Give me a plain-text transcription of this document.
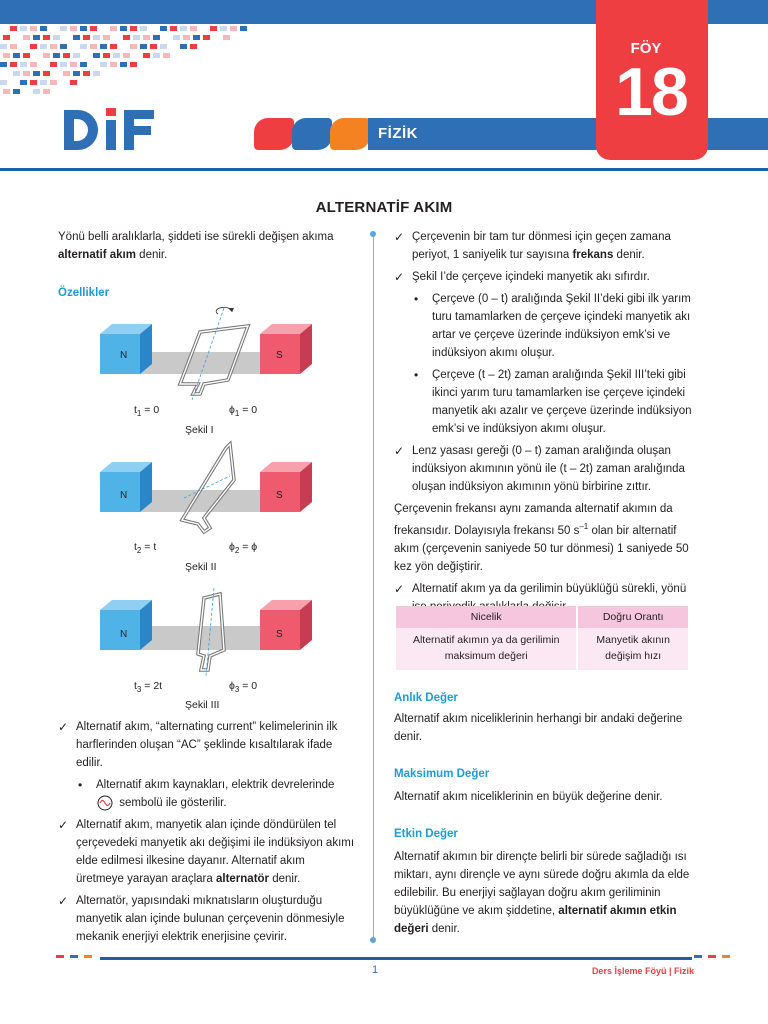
FİZİK
FÖY
18
ALTERNATİF AKIM

Yönü belli aralıklarla, şiddeti ise sürekli değişen akıma
alternatif akım denir.

Özellikler
N	S
$t_1 = 0$	$\phi_1 = 0$
Şekil I
N	S
$t_2 = t$	$\phi_2 = \phi$
Şekil II
N	S
$t_3 = 2t$	$\phi_3 = 0$
Şekil III
✓ Alternatif akım, “alternating current” kelimelerinin ilk harflerinden oluşan “AC” şeklinde kısaltılarak ifade edilir.
• Alternatif akım kaynakları, elektrik devrelerinde
sembolü ile gösterilir.
✓ Alternatif akım, manyetik alan içinde döndürülen tel çerçevedeki manyetik akı değişimi ile indüksiyon akımı elde edilmesi ilkesine dayanır. Alternatif akım üretmeye yarayan araçlara alternatör denir.
✓ Alternatör, yapısındaki mıknatısların oluşturduğu manyetik alan içinde bulunan çerçevenin dönmesiyle mekanik enerjiyi elektrik enerjisine çevirir.
✓ Çerçevenin bir tam tur dönmesi için geçen zamana periyot, 1 saniyelik tur sayısına frekans denir.
✓ Şekil I’de çerçeve içindeki manyetik akı sıfırdır.
• Çerçeve (0 – t) aralığında Şekil II’deki gibi ilk yarım turu tamamlarken de çerçeve içindeki manyetik akı artar ve çerçeve üzerinde indüksiyon emk’si ve indüksiyon akımı oluşur.
• Çerçeve (t – 2t) zaman aralığında Şekil III’teki gibi ikinci yarım turu tamamlarken ise çerçeve içindeki manyetik akı azalır ve çerçeve üzerinde indüksiyon emk’si ve indüksiyon akımı oluşur.
✓ Lenz yasası gereği (0 – t) zaman aralığında oluşan indüksiyon akımının yönü ile (t – 2t) zaman aralığında oluşan indüksiyon akımının yönü birbirine zıttır.

Çerçevenin frekansı aynı zamanda alternatif akımın da frekansıdır. Dolayısıyla frekansı 50 $s^{-1}$ olan bir alternatif akım (çerçevenin saniyede 50 tur dönmesi) 1 saniyede 50 kez yön değiştirir.

✓ Alternatif akım ya da gerilimin büyüklüğü sürekli, yönü
Nicelik	Doğru Orantı
Alternatif akımın ya da gerilimin maksimum değeri	Manyetik akının değişim hızı
Anlık Değer
Alternatif akım niceliklerinin herhangi bir andaki değerine denir.
Maksimum Değer
Alternatif akım niceliklerinin en büyük değerine denir.
Etkin Değer
Alternatif akımın bir dirençte belirli bir sürede sağladığı ısı miktarı, aynı dirençle ve aynı sürede doğru akımla da elde edilebilir. Bu enerjiyi sağlayan doğru akım geriliminin büyüklüğüne ve akım şiddetine, alternatif akımın etkin değeri denir.
1	Ders İşleme Föyü | Fizik
